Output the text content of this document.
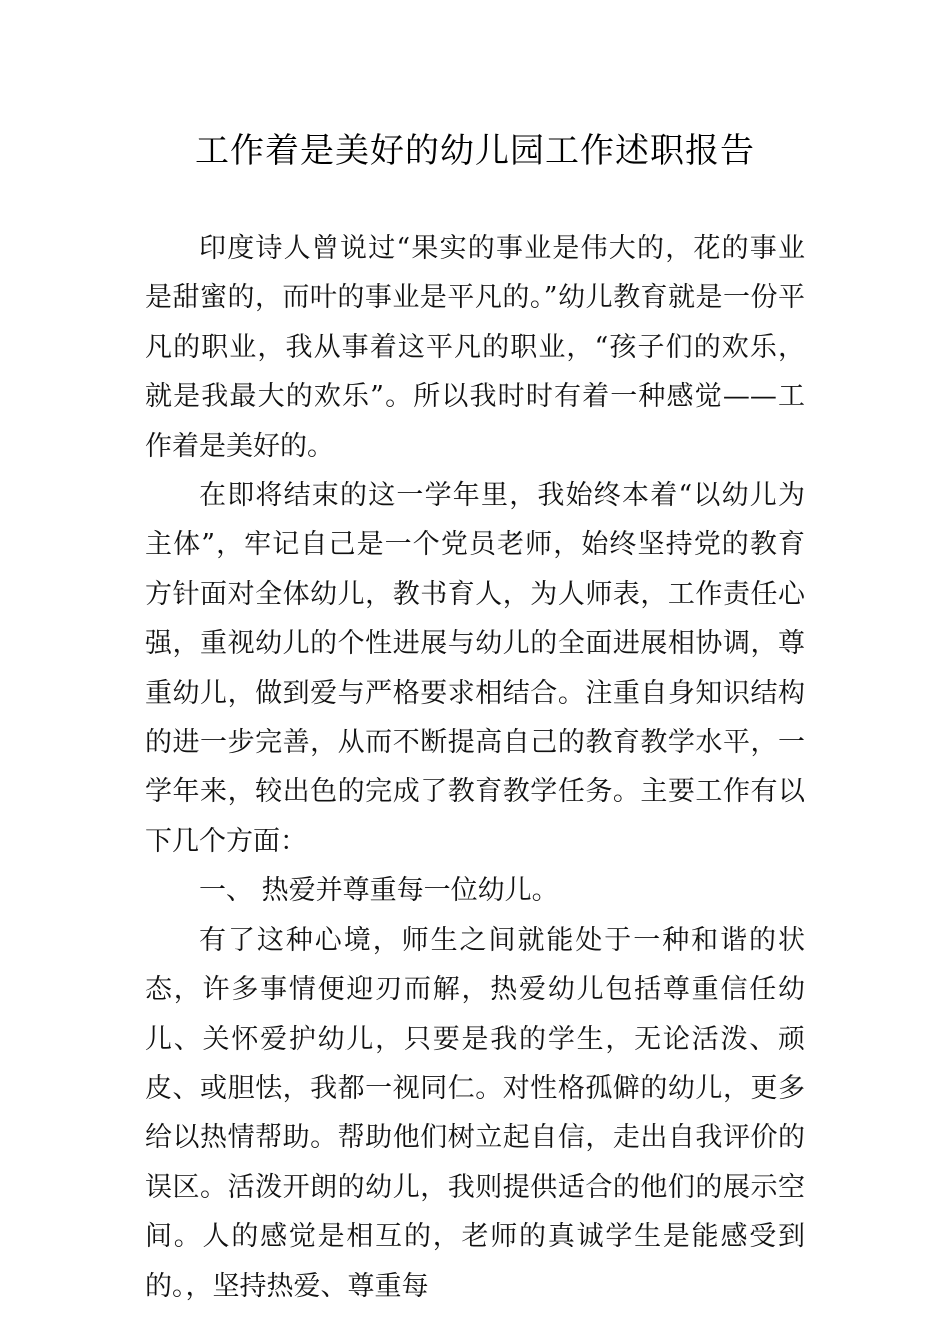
工作着是美好的幼儿园工作述职报告

印度诗人曾说过“果实的事业是伟大的，花的事业是甜蜜的，而叶的事业是平凡的。”幼儿教育就是一份平凡的职业，我从事着这平凡的职业，“孩子们的欢乐，就是我最大的欢乐”。所以我时时有着一种感觉——工作着是美好的。

在即将结束的这一学年里，我始终本着“以幼儿为主体”，牢记自己是一个党员老师，始终坚持党的教育方针面对全体幼儿，教书育人，为人师表，工作责任心强，重视幼儿的个性进展与幼儿的全面进展相协调，尊重幼儿，做到爱与严格要求相结合。注重自身知识结构的进一步完善，从而不断提高自己的教育教学水平，一学年来，较出色的完成了教育教学任务。主要工作有以下几个方面：

一、 热爱并尊重每一位幼儿。

有了这种心境，师生之间就能处于一种和谐的状态，许多事情便迎刃而解，热爱幼儿包括尊重信任幼儿、关怀爱护幼儿，只要是我的学生，无论活泼、顽皮、或胆怯，我都一视同仁。对性格孤僻的幼儿，更多给以热情帮助。帮助他们树立起自信，走出自我评价的误区。活泼开朗的幼儿，我则提供适合的他们的展示空间。人的感觉是相互的，老师的真诚学生是能感受到的。，坚持热爱、尊重每
